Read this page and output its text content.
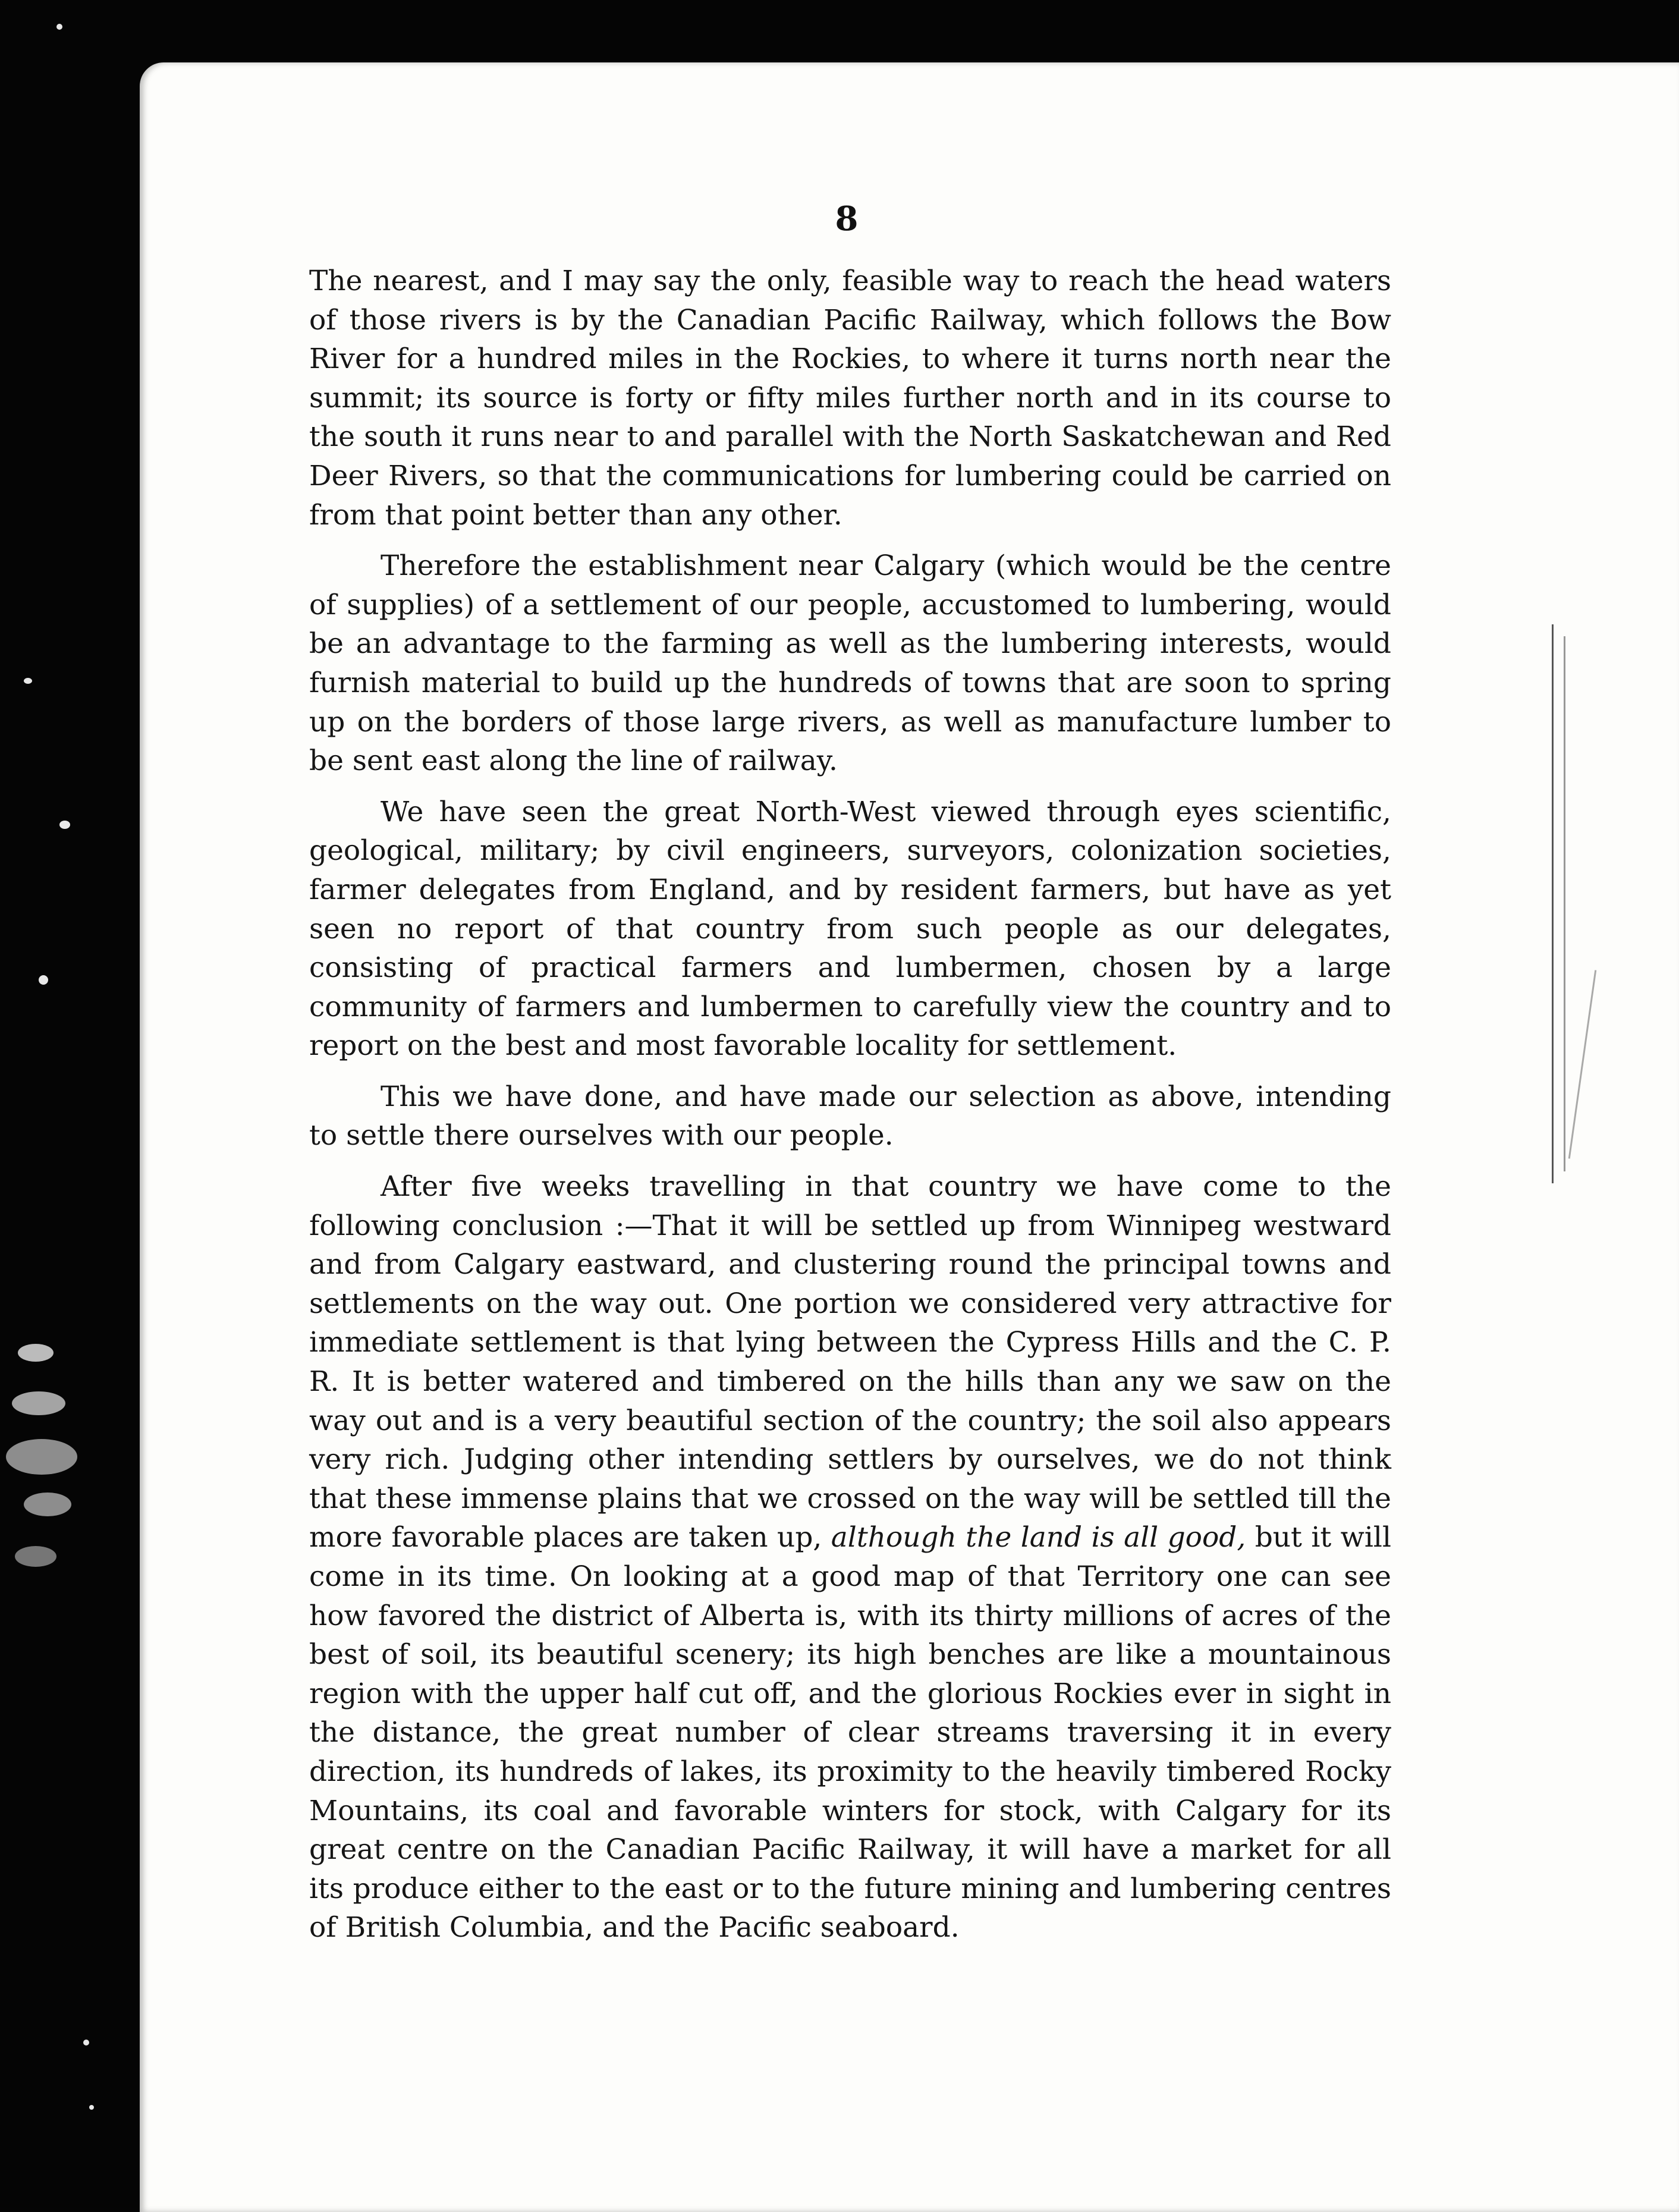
8

The nearest, and I may say the only, feasible way to reach the head waters of those rivers is by the Canadian Pacific Railway, which follows the Bow River for a hundred miles in the Rockies, to where it turns north near the summit; its source is forty or fifty miles further north and in its course to the south it runs near to and parallel with the North Saskatchewan and Red Deer Rivers, so that the communications for lumbering could be carried on from that point better than any other.

Therefore the establishment near Calgary (which would be the centre of supplies) of a settlement of our people, accustomed to lumbering, would be an advantage to the farming as well as the lumbering interests, would furnish material to build up the hundreds of towns that are soon to spring up on the borders of those large rivers, as well as manufacture lumber to be sent east along the line of railway.

We have seen the great North-West viewed through eyes scientific, geological, military; by civil engineers, surveyors, colonization societies, farmer delegates from England, and by resident farmers, but have as yet seen no report of that country from such people as our delegates, consisting of practical farmers and lumbermen, chosen by a large community of farmers and lumbermen to carefully view the country and to report on the best and most favorable locality for settlement.

This we have done, and have made our selection as above, intending to settle there ourselves with our people.

After five weeks travelling in that country we have come to the following conclusion :—That it will be settled up from Winnipeg westward and from Calgary eastward, and clustering round the principal towns and settlements on the way out. One portion we considered very attractive for immediate settlement is that lying between the Cypress Hills and the C. P. R. It is better watered and timbered on the hills than any we saw on the way out and is a very beautiful section of the country; the soil also appears very rich. Judging other intending settlers by ourselves, we do not think that these immense plains that we crossed on the way will be settled till the more favorable places are taken up, although the land is all good, but it will come in its time. On looking at a good map of that Territory one can see how favored the district of Alberta is, with its thirty millions of acres of the best of soil, its beautiful scenery; its high benches are like a mountainous region with the upper half cut off, and the glorious Rockies ever in sight in the distance, the great number of clear streams traversing it in every direction, its hundreds of lakes, its proximity to the heavily timbered Rocky Mountains, its coal and favorable winters for stock, with Calgary for its great centre on the Canadian Pacific Railway, it will have a market for all its produce either to the east or to the future mining and lumbering centres of British Columbia, and the Pacific seaboard.
